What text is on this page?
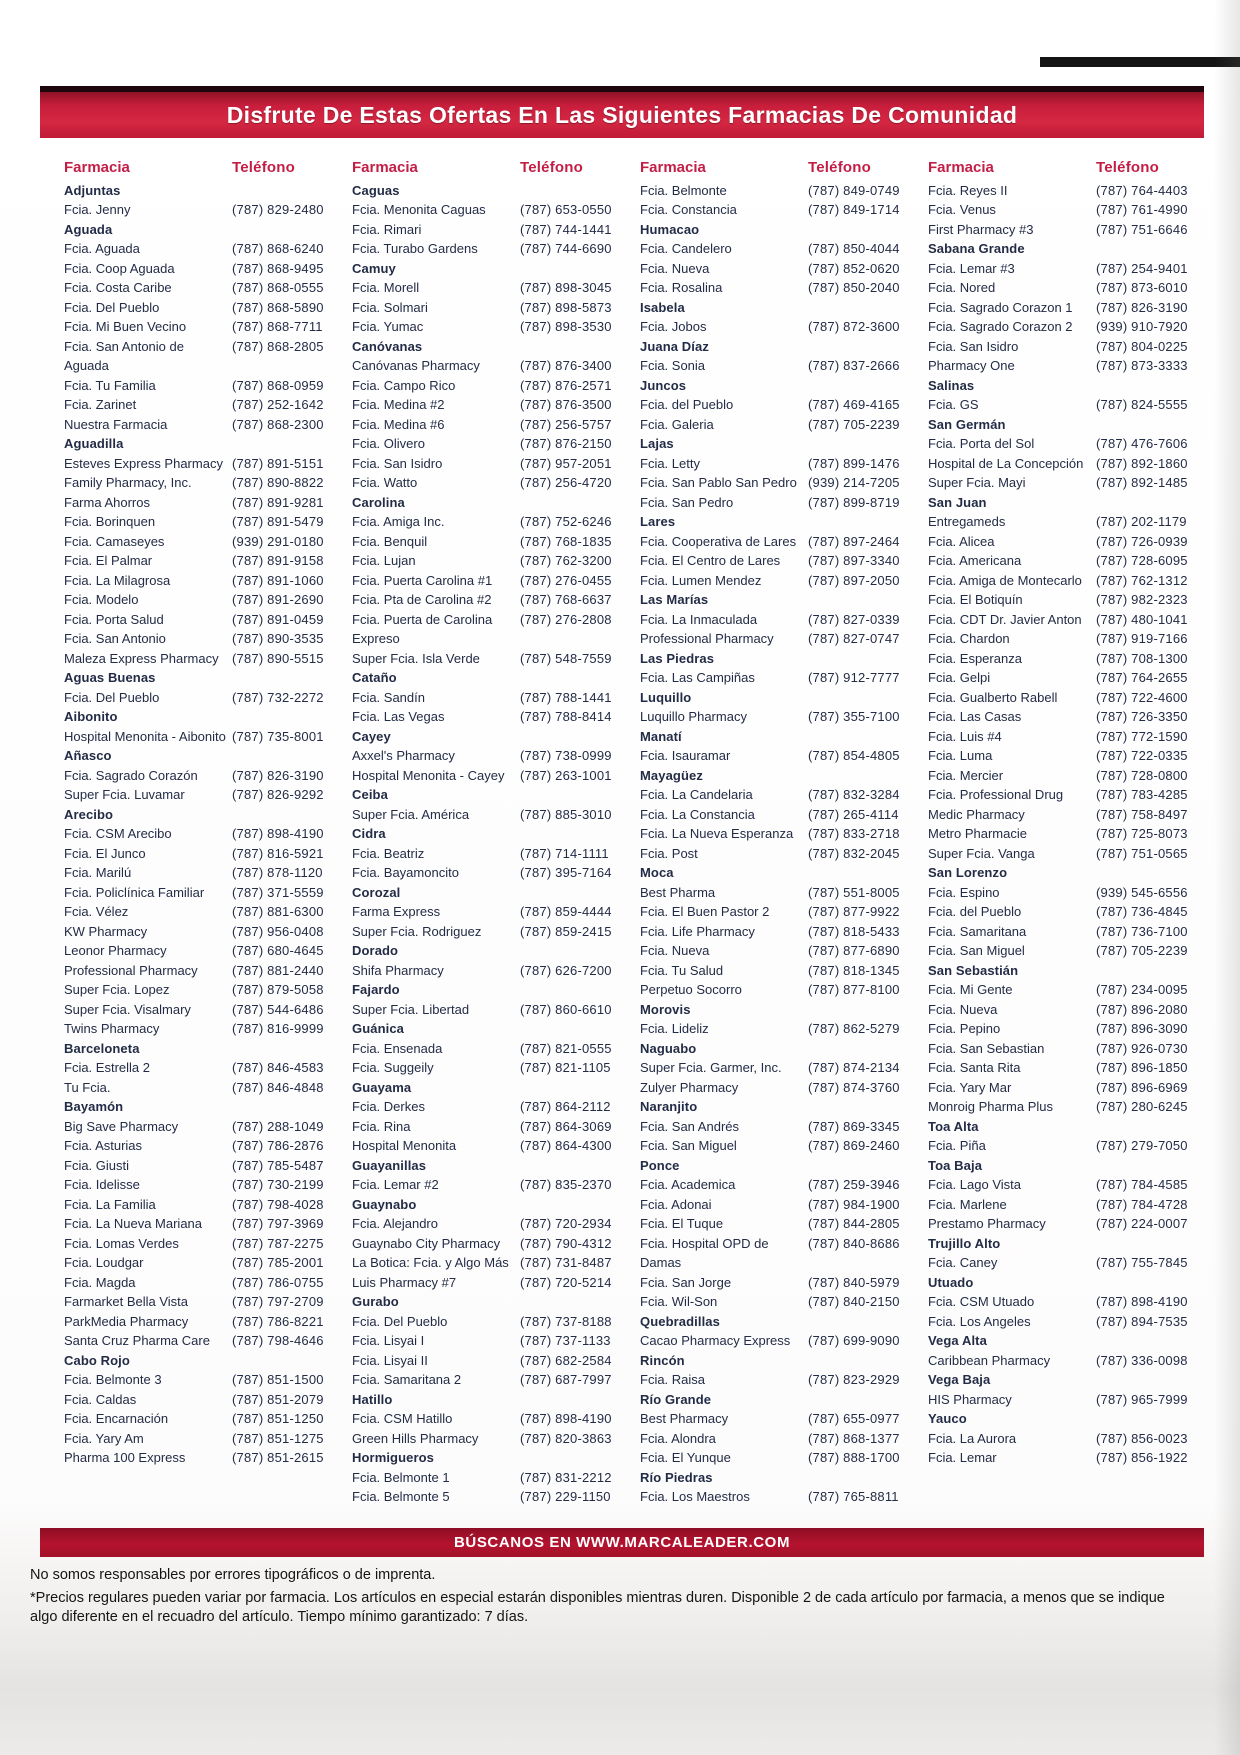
Disfrute De Estas Ofertas En Las Siguientes Farmacias De Comunidad
Farmacia	Teléfono
Adjuntas
Fcia. Jenny	(787) 829-2480
Aguada
Fcia. Aguada	(787) 868-6240
Fcia. Coop Aguada	(787) 868-9495
Fcia. Costa Caribe	(787) 868-0555
Fcia. Del Pueblo	(787) 868-5890
Fcia. Mi Buen Vecino	(787) 868-7711
Fcia. San Antonio de Aguada
(787) 868-2805
Fcia. Tu Familia	(787) 868-0959
Fcia. Zarinet	(787) 252-1642
Nuestra Farmacia	(787) 868-2300
Aguadilla
Esteves Express Pharmacy (787) 891-5151
Family Pharmacy, Inc.	(787) 890-8822
Farma Ahorros	(787) 891-9281
Fcia. Borinquen	(787) 891-5479
Fcia. Camaseyes	(939) 291-0180
Fcia. El Palmar	(787) 891-9158
Fcia. La Milagrosa	(787) 891-1060
Fcia. Modelo	(787) 891-2690
Fcia. Porta Salud	(787) 891-0459
Fcia. San Antonio	(787) 890-3535
Maleza Express Pharmacy	(787) 890-5515
Aguas Buenas
Fcia. Del Pueblo	(787) 732-2272
Aibonito
Hospital Menonita - Aibonito (787) 735-8001
Añasco
Fcia. Sagrado Corazón	(787) 826-3190
Super Fcia. Luvamar	(787) 826-9292
Arecibo
Fcia. CSM Arecibo	(787) 898-4190
Fcia. El Junco	(787) 816-5921
Fcia. Marilú	(787) 878-1120
Fcia. Policlínica Familiar	(787) 371-5559
Fcia. Vélez	(787) 881-6300
KW Pharmacy	(787) 956-0408
Leonor Pharmacy	(787) 680-4645
Professional Pharmacy	(787) 881-2440
Super Fcia. Lopez	(787) 879-5058
Super Fcia. Visalmary	(787) 544-6486
Twins Pharmacy	(787) 816-9999
Barceloneta
Fcia. Estrella 2	(787) 846-4583
Tu Fcia.	(787) 846-4848
Bayamón
Big Save Pharmacy	(787) 288-1049
Fcia. Asturias	(787) 786-2876
Fcia. Giusti	(787) 785-5487
Fcia. Idelisse	(787) 730-2199
Fcia. La Familia	(787) 798-4028
Fcia. La Nueva Mariana	(787) 797-3969
Fcia. Lomas Verdes	(787) 787-2275
Fcia. Loudgar	(787) 785-2001
Fcia. Magda	(787) 786-0755
Farmarket Bella Vista	(787) 797-2709
ParkMedia Pharmacy	(787) 786-8221
Santa Cruz Pharma Care	(787) 798-4646
Cabo Rojo
Fcia. Belmonte 3	(787) 851-1500
Fcia. Caldas	(787) 851-2079
Fcia. Encarnación	(787) 851-1250
Fcia. Yary Am	(787) 851-1275
Pharma 100 Express	(787) 851-2615
Farmacia	Teléfono
Caguas
Fcia. Menonita Caguas	(787) 653-0550
Fcia. Rimari	(787) 744-1441
Fcia. Turabo Gardens	(787) 744-6690
Camuy
Fcia. Morell	(787) 898-3045
Fcia. Solmari	(787) 898-5873
Fcia. Yumac	(787) 898-3530
Canóvanas
Canóvanas Pharmacy	(787) 876-3400
Fcia. Campo Rico	(787) 876-2571
Fcia. Medina #2	(787) 876-3500
Fcia. Medina #6	(787) 256-5757
Fcia. Olivero	(787) 876-2150
Fcia. San Isidro	(787) 957-2051
Fcia. Watto	(787) 256-4720
Carolina
Fcia. Amiga Inc.	(787) 752-6246
Fcia. Benquil	(787) 768-1835
Fcia. Lujan	(787) 762-3200
Fcia. Puerta Carolina #1	(787) 276-0455
Fcia. Pta de Carolina #2	(787) 768-6637
Fcia. Puerta de Carolina Expreso
(787) 276-2808
Super Fcia. Isla Verde	(787) 548-7559
Cataño
Fcia. Sandín	(787) 788-1441
Fcia. Las Vegas	(787) 788-8414
Cayey
Axxel's Pharmacy	(787) 738-0999
Hospital Menonita - Cayey	(787) 263-1001
Ceiba
Super Fcia. América	(787) 885-3010
Cidra
Fcia. Beatriz	(787) 714-1111
Fcia. Bayamoncito	(787) 395-7164
Corozal
Farma Express	(787) 859-4444
Super Fcia. Rodriguez	(787) 859-2415
Dorado
Shifa Pharmacy	(787) 626-7200
Fajardo
Super Fcia. Libertad	(787) 860-6610
Guánica
Fcia. Ensenada	(787) 821-0555
Fcia. Suggeily	(787) 821-1105
Guayama
Fcia. Derkes	(787) 864-2112
Fcia. Rina	(787) 864-3069
Hospital Menonita	(787) 864-4300
Guayanillas
Fcia. Lemar #2	(787) 835-2370
Guaynabo
Fcia. Alejandro	(787) 720-2934
Guaynabo City Pharmacy	(787) 790-4312
La Botica: Fcia. y Algo Más (787) 731-8487
Luis Pharmacy #7	(787) 720-5214
Gurabo
Fcia. Del Pueblo	(787) 737-8188
Fcia. Lisyai I	(787) 737-1133
Fcia. Lisyai II	(787) 682-2584
Fcia. Samaritana 2	(787) 687-7997
Hatillo
Fcia. CSM Hatillo	(787) 898-4190
Green Hills Pharmacy	(787) 820-3863
Hormigueros
Fcia. Belmonte 1	(787) 831-2212
Fcia. Belmonte 5	(787) 229-1150
Farmacia	Teléfono
Fcia. Belmonte	(787) 849-0749
Fcia. Constancia	(787) 849-1714
Humacao
Fcia. Candelero	(787) 850-4044
Fcia. Nueva	(787) 852-0620
Fcia. Rosalina	(787) 850-2040
Isabela
Fcia. Jobos	(787) 872-3600
Juana Díaz
Fcia. Sonia	(787) 837-2666
Juncos
Fcia. del Pueblo	(787) 469-4165
Fcia. Galeria	(787) 705-2239
Lajas
Fcia. Letty	(787) 899-1476
Fcia. San Pablo San Pedro (939) 214-7205
Fcia. San Pedro	(787) 899-8719
Lares
Fcia. Cooperativa de Lares (787) 897-2464
Fcia. El Centro de Lares	(787) 897-3340
Fcia. Lumen Mendez	(787) 897-2050
Las Marías
Fcia. La Inmaculada	(787) 827-0339
Professional Pharmacy	(787) 827-0747
Las Piedras
Fcia. Las Campiñas	(787) 912-7777
Luquillo
Luquillo Pharmacy	(787) 355-7100
Manatí
Fcia. Isauramar	(787) 854-4805
Mayagüez
Fcia. La Candelaria	(787) 832-3284
Fcia. La Constancia	(787) 265-4114
Fcia. La Nueva Esperanza	(787) 833-2718
Fcia. Post	(787) 832-2045
Moca
Best Pharma	(787) 551-8005
Fcia. El Buen Pastor 2	(787) 877-9922
Fcia. Life Pharmacy	(787) 818-5433
Fcia. Nueva	(787) 877-6890
Fcia. Tu Salud	(787) 818-1345
Perpetuo Socorro	(787) 877-8100
Morovis
Fcia. Lideliz	(787) 862-5279
Naguabo
Super Fcia. Garmer, Inc.	(787) 874-2134
Zulyer Pharmacy	(787) 874-3760
Naranjito
Fcia. San Andrés	(787) 869-3345
Fcia. San Miguel	(787) 869-2460
Ponce
Fcia. Academica	(787) 259-3946
Fcia. Adonai	(787) 984-1900
Fcia. El Tuque	(787) 844-2805
Fcia. Hospital OPD de Damas
(787) 840-8686
Fcia. San Jorge	(787) 840-5979
Fcia. Wil-Son	(787) 840-2150
Quebradillas
Cacao Pharmacy Express	(787) 699-9090
Rincón
Fcia. Raisa	(787) 823-2929
Río Grande
Best Pharmacy	(787) 655-0977
Fcia. Alondra	(787) 868-1377
Fcia. El Yunque	(787) 888-1700
Río Piedras
Fcia. Los Maestros	(787) 765-8811
Farmacia	Teléfono
Fcia. Reyes II	(787) 764-4403
Fcia. Venus	(787) 761-4990
First Pharmacy #3	(787) 751-6646
Sabana Grande
Fcia. Lemar #3	(787) 254-9401
Fcia. Nored	(787) 873-6010
Fcia. Sagrado Corazon 1	(787) 826-3190
Fcia. Sagrado Corazon 2	(939) 910-7920
Fcia. San Isidro	(787) 804-0225
Pharmacy One	(787) 873-3333
Salinas
Fcia. GS	(787) 824-5555
San Germán
Fcia. Porta del Sol	(787) 476-7606
Hospital de La Concepción (787) 892-1860
Super Fcia. Mayi	(787) 892-1485
San Juan
Entregameds	(787) 202-1179
Fcia. Alicea	(787) 726-0939
Fcia. Americana	(787) 728-6095
Fcia. Amiga de Montecarlo	(787) 762-1312
Fcia. El Botiquín	(787) 982-2323
Fcia. CDT Dr. Javier Anton	(787) 480-1041
Fcia. Chardon	(787) 919-7166
Fcia. Esperanza	(787) 708-1300
Fcia. Gelpi	(787) 764-2655
Fcia. Gualberto Rabell	(787) 722-4600
Fcia. Las Casas	(787) 726-3350
Fcia. Luis #4	(787) 772-1590
Fcia. Luma	(787) 722-0335
Fcia. Mercier	(787) 728-0800
Fcia. Professional Drug	(787) 783-4285
Medic Pharmacy	(787) 758-8497
Metro Pharmacie	(787) 725-8073
Super Fcia. Vanga	(787) 751-0565
San Lorenzo
Fcia. Espino	(939) 545-6556
Fcia. del Pueblo	(787) 736-4845
Fcia. Samaritana	(787) 736-7100
Fcia. San Miguel	(787) 705-2239
San Sebastián
Fcia. Mi Gente	(787) 234-0095
Fcia. Nueva	(787) 896-2080
Fcia. Pepino	(787) 896-3090
Fcia. San Sebastian	(787) 926-0730
Fcia. Santa Rita	(787) 896-1850
Fcia. Yary Mar	(787) 896-6969
Monroig Pharma Plus	(787) 280-6245
Toa Alta
Fcia. Piña	(787) 279-7050
Toa Baja
Fcia. Lago Vista	(787) 784-4585
Fcia. Marlene	(787) 784-4728
Prestamo Pharmacy	(787) 224-0007
Trujillo Alto
Fcia. Caney	(787) 755-7845
Utuado
Fcia. CSM Utuado	(787) 898-4190
Fcia. Los Angeles	(787) 894-7535
Vega Alta
Caribbean Pharmacy	(787) 336-0098
Vega Baja
HIS Pharmacy	(787) 965-7999
Yauco
Fcia. La Aurora	(787) 856-0023
Fcia. Lemar	(787) 856-1922
BÚSCANOS EN WWW.MARCALEADER.COM

No somos responsables por errores tipográficos o de imprenta.

*Precios regulares pueden variar por farmacia. Los artículos en especial estarán disponibles mientras duren. Disponible 2 de cada artículo por farmacia, a menos que se indique algo diferente en el recuadro del artículo. Tiempo mínimo garantizado: 7 días.
